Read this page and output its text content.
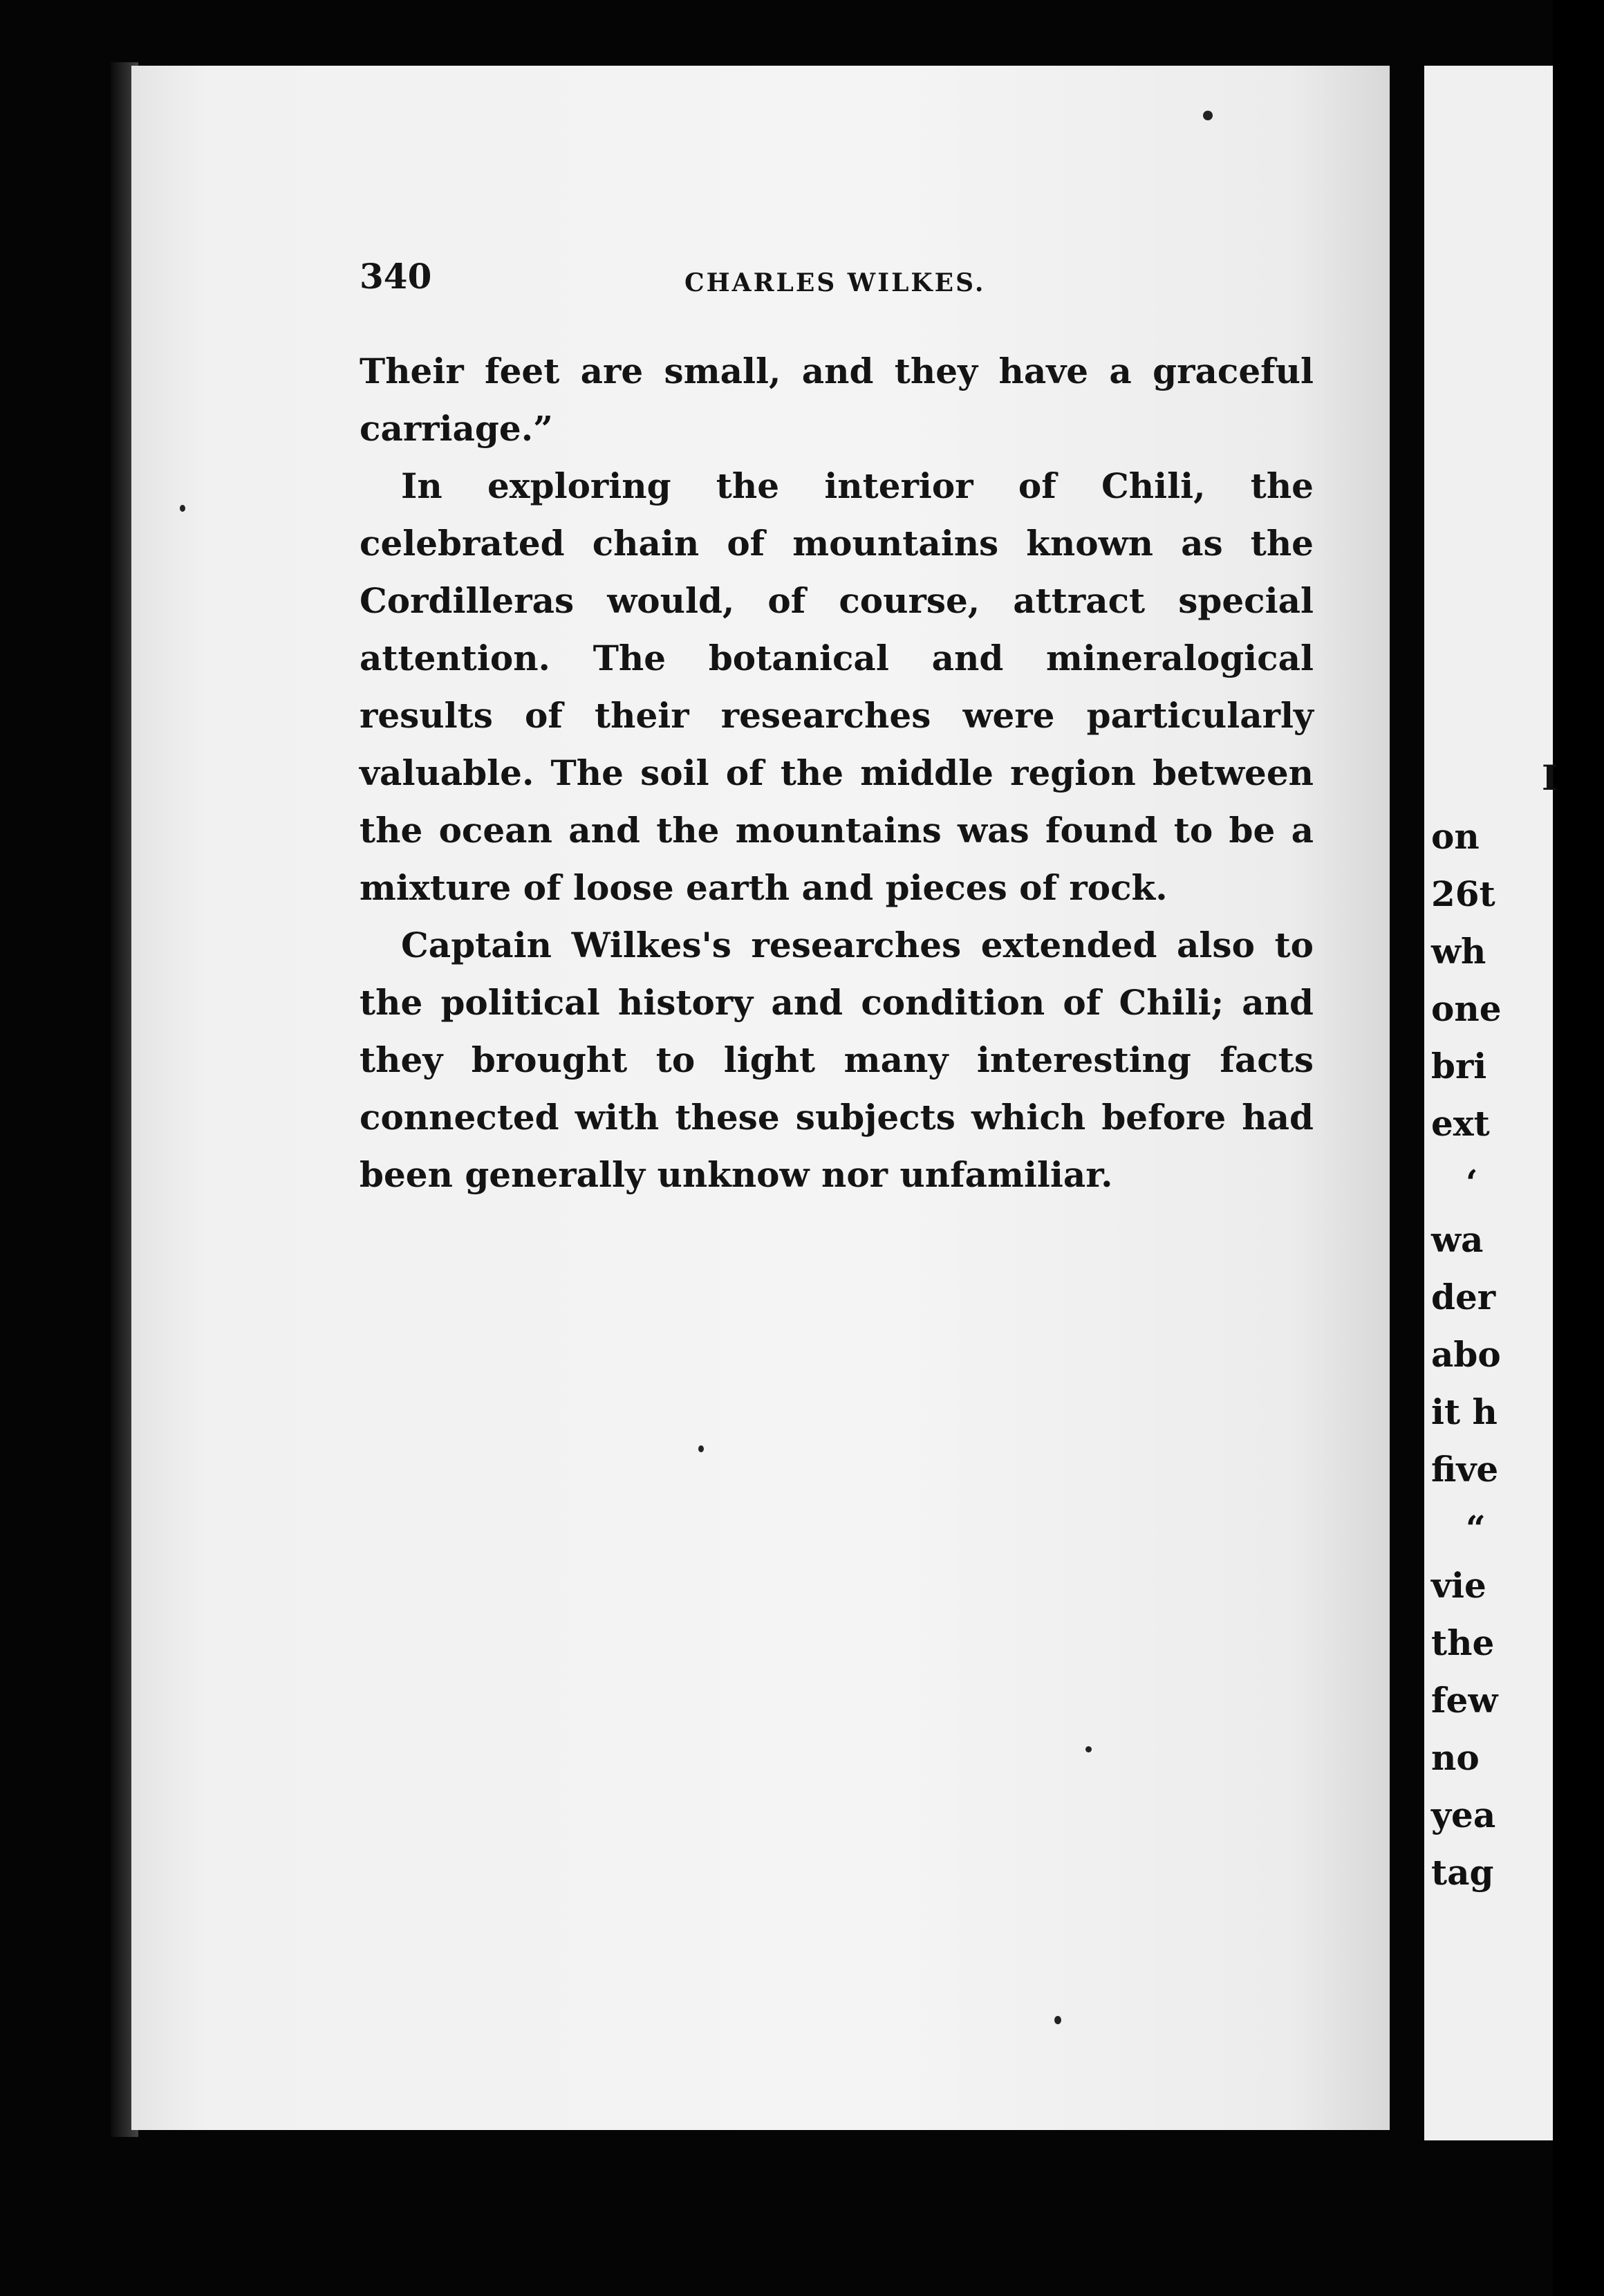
340	CHARLES WILKES.

Their feet are small, and they have a graceful carriage.”

In exploring the interior of Chili, the celebrated chain of mountains known as the Cordilleras would, of course, attract special attention. The botanical and mineralogical results of their researches were particularly valuable. The soil of the middle region between the ocean and the mountains was found to be a mixture of loose earth and pieces of rock.

Captain Wilkes's researches extended also to the political history and condition of Chili; and they brought to light many interesting facts connected with these subjects which before had been generally unknow nor unfamiliar.

I
on
26t
wh
one
bri
ext
‘
wa
der
abo
it h
five
“
vie
the
few
no
yea
tag
